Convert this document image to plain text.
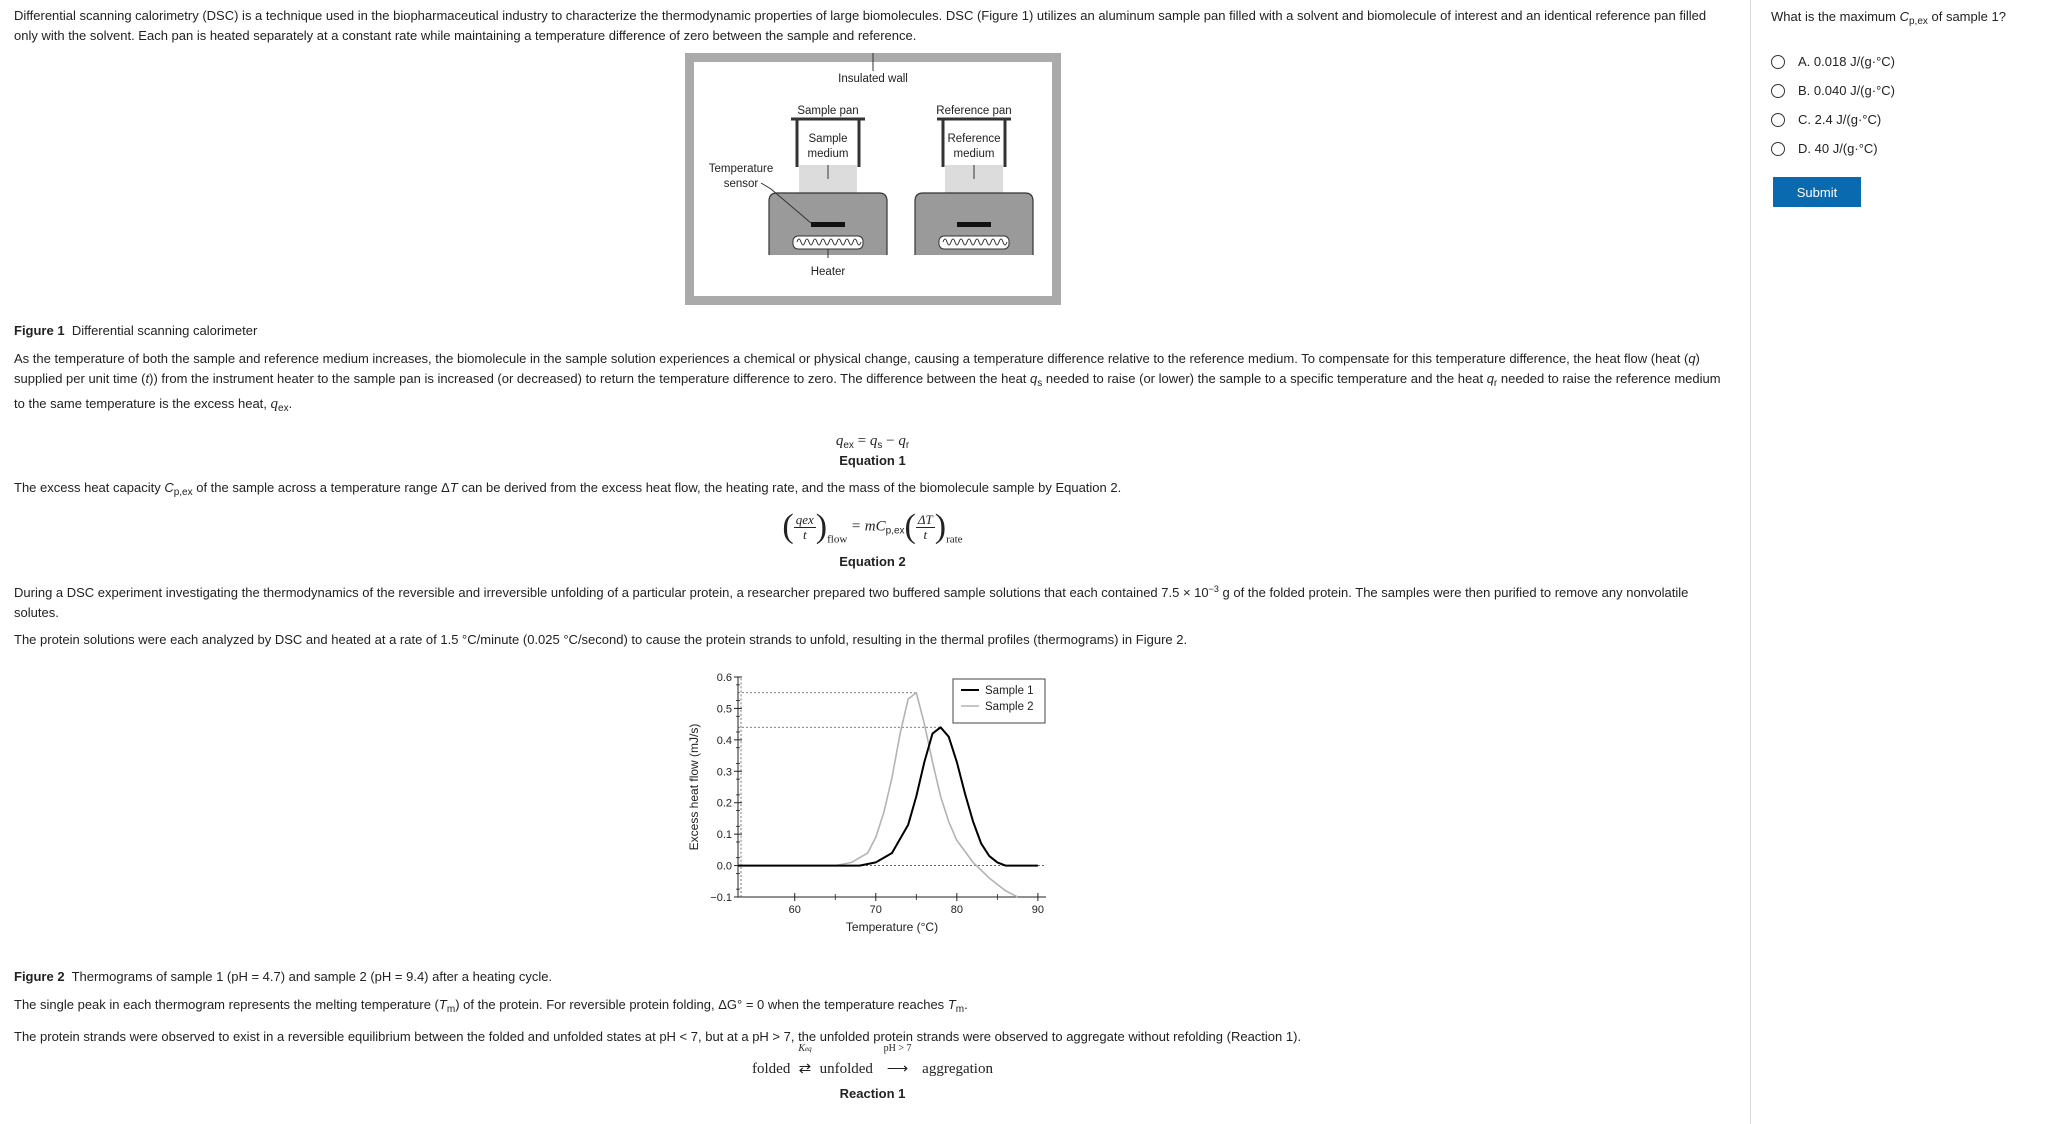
Differential scanning calorimetry (DSC) is a technique used in the biopharmaceutical industry to characterize the thermodynamic properties of large biomolecules. DSC (Figure 1) utilizes an aluminum sample pan filled with a solvent and biomolecule of interest and an identical reference pan filled only with the solvent. Each pan is heated separately at a constant rate while maintaining a temperature difference of zero between the sample and reference.

Insulated wall
Sample pan	Reference pan
Sample
medium
Reference
medium
Heater
Temperature
sensor

Figure 1 Differential scanning calorimeter

As the temperature of both the sample and reference medium increases, the biomolecule in the sample solution experiences a chemical or physical change, causing a temperature difference relative to the reference medium. To compensate for this temperature difference, the heat flow (heat (q) supplied per unit time (t)) from the instrument heater to the sample pan is increased (or decreased) to return the temperature difference to zero. The difference between the heat $q_s$ needed to raise (or lower) the sample to a specific temperature and the heat $q_r$ needed to raise the reference medium to the same temperature is the excess heat, $q_{ex}$.

$q_{ex} = q_s - q_r$
Equation 1

The excess heat capacity $C_{p,ex}$ of the sample across a temperature range ΔT can be derived from the excess heat flow, the heating rate, and the mass of the biomolecule sample by Equation 2.

( $\frac{\text{qex}}{t} )_{flow} = mC_{p,ex}( \frac{\Delta T}{t} )_{rate}$
Equation 2

During a DSC experiment investigating the thermodynamics of the reversible and irreversible unfolding of a particular protein, a researcher prepared two buffered sample solutions that each contained $7.5 \times 10^{-3}$ g of the folded protein. The samples were then purified to remove any nonvolatile solutes.

The protein solutions were each analyzed by DSC and heated at a rate of 1.5 °C/minute (0.025 °C/second) to cause the protein strands to unfold, resulting in the thermal profiles (thermograms) in Figure 2.

0.6
0.5
0.4
0.3
0.2
0.1
0.0
−0.1
60	70	80	90
Sample 1
Sample 2
Temperature (°C)
Excess heat flow (mJ/s)

Figure 2 Thermograms of sample 1 (pH = 4.7) and sample 2 (pH = 9.4) after a heating cycle.

The single peak in each thermogram represents the melting temperature $(T_m)$ of the protein. For reversible protein folding, ΔG° = 0 when the temperature reaches $T_m$.

The protein strands were observed to exist in a reversible equilibrium between the folded and unfolded states at pH < 7, but at a pH > 7, the unfolded protein strands were observed to aggregate without refolding (Reaction 1).

folded
Keq
⇄ unfolded
pH > 7
⟶ aggregation
Reaction 1
What is the maximum $C_{p,ex}$ of sample 1?
A.
0.018 J/(g·°C)
B.
0.040 J/(g·°C)
C.
2.4 J/(g·°C)
D.
40 J/(g·°C)
Submit
